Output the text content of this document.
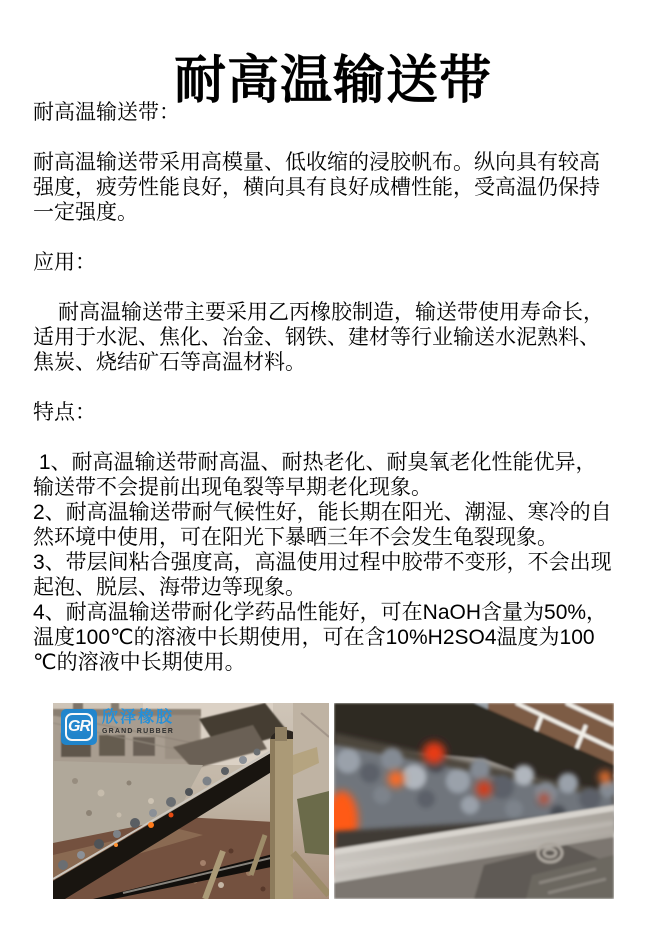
耐高温输送带

耐高温输送带：

耐高温输送带采用高模量、低收缩的浸胶帆布。纵向具有较高强度，疲劳性能良好，横向具有良好成槽性能，受高温仍保持一定强度。

应用：

耐高温输送带主要采用乙丙橡胶制造，输送带使用寿命长，适用于水泥、焦化、冶金、钢铁、建材等行业输送水泥熟料、焦炭、烧结矿石等高温材料。

特点：

1、耐高温输送带耐高温、耐热老化、耐臭氧老化性能优异，输送带不会提前出现龟裂等早期老化现象。

2、耐高温输送带耐气候性好，能长期在阳光、潮湿、寒冷的自然环境中使用，可在阳光下暴晒三年不会发生龟裂现象。

3、带层间粘合强度高，高温使用过程中胶带不变形，不会出现起泡、脱层、海带边等现象。

4、耐高温输送带耐化学药品性能好，可在NaOH含量为50%，温度100℃的溶液中长期使用，可在含10%H2SO4温度为100℃的溶液中长期使用。

GR
欣泽橡胶
GRAND RUBBER
